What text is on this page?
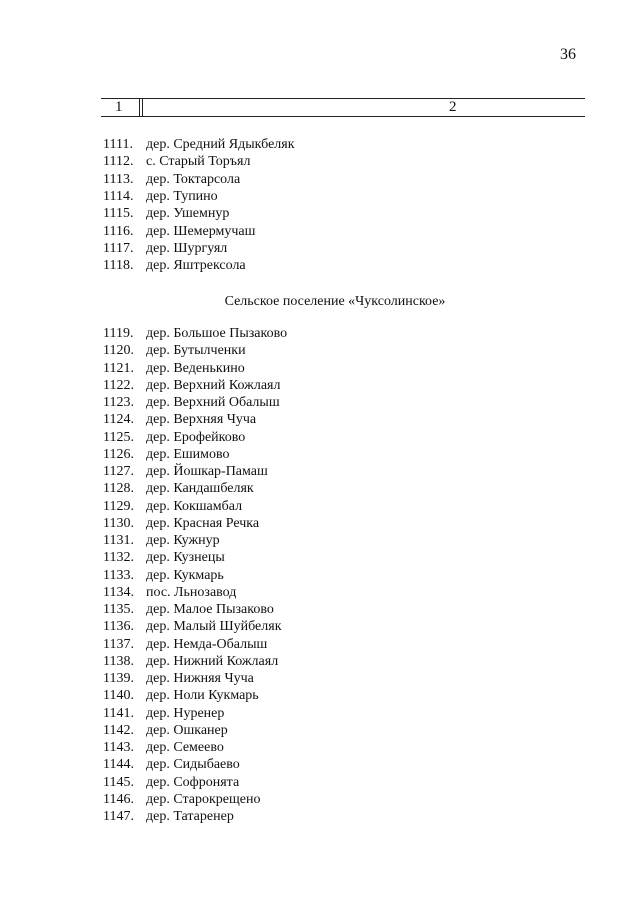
36
1	2
1111. дер. Средний Ядыкбеляк
1112. с. Старый Торъял
1113. дер. Токтарсола
1114. дер. Тупино
1115. дер. Ушемнур
1116. дер. Шемермучаш
1117. дер. Шургуял
1118. дер. Яштрексола
Сельское поселение «Чуксолинское»
1119. дер. Большое Пызаково
1120. дер. Бутылченки
1121. дер. Веденькино
1122. дер. Верхний Кожлаял
1123. дер. Верхний Обалыш
1124. дер. Верхняя Чуча
1125. дер. Ерофейково
1126. дер. Ешимово
1127. дер. Йошкар-Памаш
1128. дер. Кандашбеляк
1129. дер. Кокшамбал
1130. дер. Красная Речка
1131. дер. Кужнур
1132. дер. Кузнецы
1133. дер. Кукмарь
1134. пос. Льнозавод
1135. дер. Малое Пызаково
1136. дер. Малый Шуйбеляк
1137. дер. Немда-Обалыш
1138. дер. Нижний Кожлаял
1139. дер. Нижняя Чуча
1140. дер. Ноли Кукмарь
1141. дер. Нуренер
1142. дер. Ошканер
1143. дер. Семеево
1144. дер. Сидыбаево
1145. дер. Софронята
1146. дер. Старокрещено
1147. дер. Татаренер
